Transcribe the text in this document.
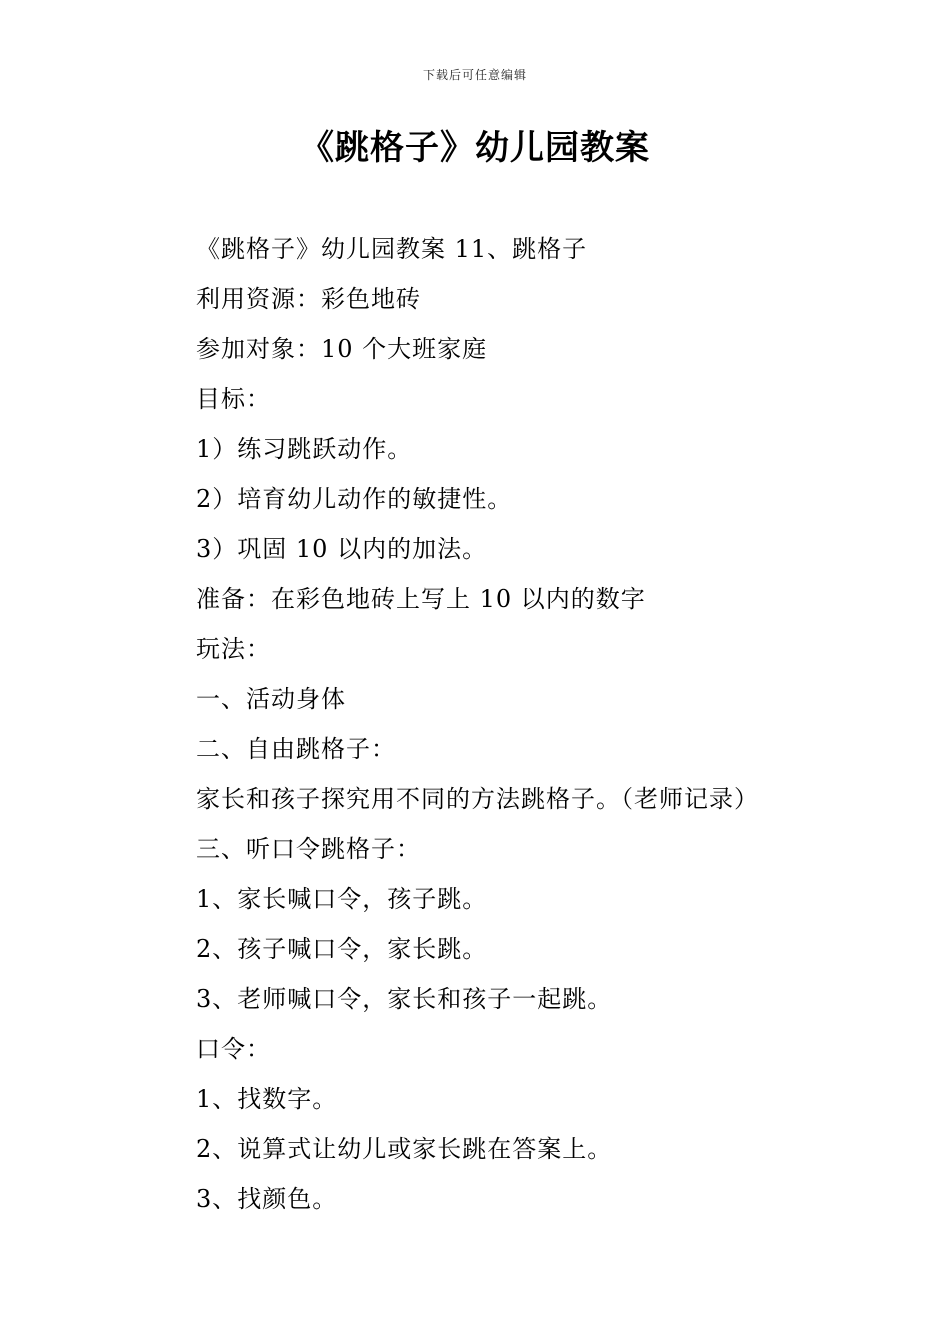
下载后可任意编辑
《跳格子》幼儿园教案
《跳格子》幼儿园教案 11、跳格子
利用资源：彩色地砖
参加对象：10 个大班家庭
目标：
1）练习跳跃动作。
2）培育幼儿动作的敏捷性。
3）巩固 10 以内的加法。
准备：在彩色地砖上写上 10 以内的数字
玩法：
一、活动身体
二、自由跳格子：
家长和孩子探究用不同的方法跳格子。（老师记录）
三、听口令跳格子：
1、家长喊口令，孩子跳。
2、孩子喊口令，家长跳。
3、老师喊口令，家长和孩子一起跳。
口令：
1、找数字。
2、说算式让幼儿或家长跳在答案上。
3、找颜色。
